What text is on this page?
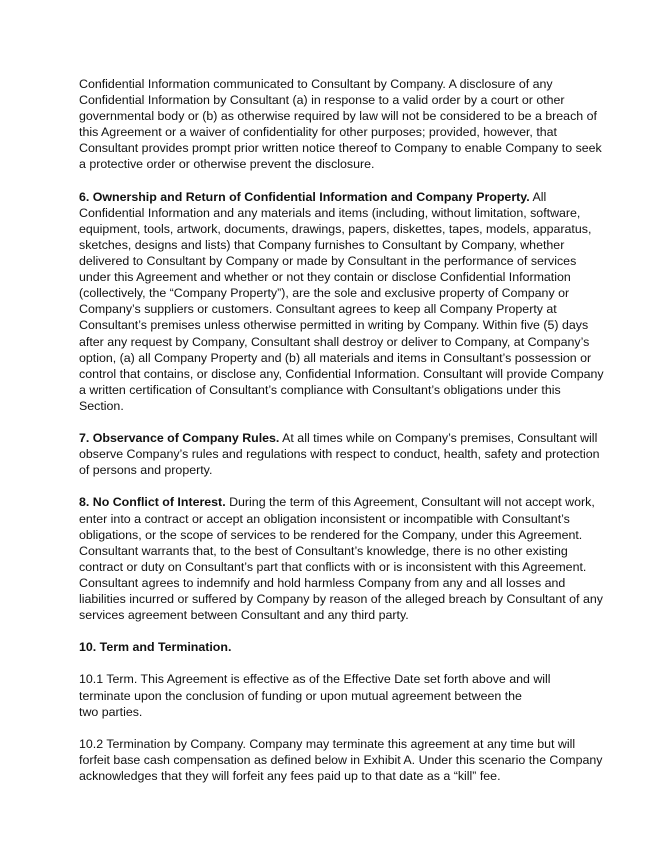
Confidential Information communicated to Consultant by Company. A disclosure of any
Confidential Information by Consultant (a) in response to a valid order by a court or other
governmental body or (b) as otherwise required by law will not be considered to be a breach of
this Agreement or a waiver of confidentiality for other purposes; provided, however, that
Consultant provides prompt prior written notice thereof to Company to enable Company to seek
a protective order or otherwise prevent the disclosure.

6. Ownership and Return of Confidential Information and Company Property. All
Confidential Information and any materials and items (including, without limitation, software,
equipment, tools, artwork, documents, drawings, papers, diskettes, tapes, models, apparatus,
sketches, designs and lists) that Company furnishes to Consultant by Company, whether
delivered to Consultant by Company or made by Consultant in the performance of services
under this Agreement and whether or not they contain or disclose Confidential Information
(collectively, the “Company Property”), are the sole and exclusive property of Company or
Company’s suppliers or customers. Consultant agrees to keep all Company Property at
Consultant’s premises unless otherwise permitted in writing by Company. Within five (5) days
after any request by Company, Consultant shall destroy or deliver to Company, at Company’s
option, (a) all Company Property and (b) all materials and items in Consultant’s possession or
control that contains, or disclose any, Confidential Information. Consultant will provide Company
a written certification of Consultant’s compliance with Consultant’s obligations under this
Section.

7. Observance of Company Rules. At all times while on Company’s premises, Consultant will
observe Company’s rules and regulations with respect to conduct, health, safety and protection
of persons and property.

8. No Conflict of Interest. During the term of this Agreement, Consultant will not accept work,
enter into a contract or accept an obligation inconsistent or incompatible with Consultant’s
obligations, or the scope of services to be rendered for the Company, under this Agreement.
Consultant warrants that, to the best of Consultant’s knowledge, there is no other existing
contract or duty on Consultant’s part that conflicts with or is inconsistent with this Agreement.
Consultant agrees to indemnify and hold harmless Company from any and all losses and
liabilities incurred or suffered by Company by reason of the alleged breach by Consultant of any
services agreement between Consultant and any third party.

10. Term and Termination.

10.1 Term. This Agreement is effective as of the Effective Date set forth above and will
terminate upon the conclusion of funding or upon mutual agreement between the
two parties.

10.2 Termination by Company. Company may terminate this agreement at any time but will
forfeit base cash compensation as defined below in Exhibit A. Under this scenario the Company
acknowledges that they will forfeit any fees paid up to that date as a “kill” fee.
